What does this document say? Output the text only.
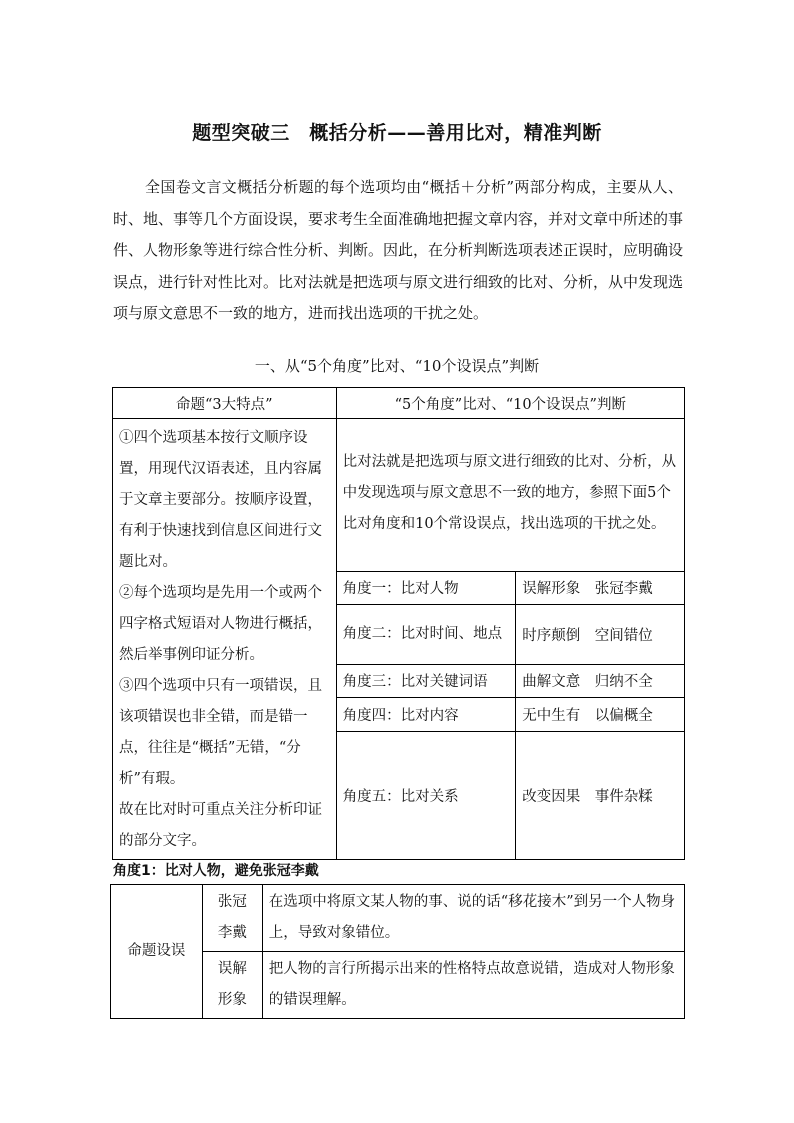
题型突破三　概括分析——善用比对，精准判断
全国卷文言文概括分析题的每个选项均由“概括＋分析”两部分构成，主要从人、时、地、事等几个方面设误，要求考生全面准确地把握文章内容，并对文章中所述的事件、人物形象等进行综合性分析、判断。因此，在分析判断选项表述正误时，应明确设误点，进行针对性比对。比对法就是把选项与原文进行细致的比对、分析，从中发现选项与原文意思不一致的地方，进而找出选项的干扰之处。
一、从“5个角度”比对、“10个设误点”判断
命题“3大特点”	“5个角度”比对、“10个设误点”判断	

①四个选项基本按行文顺序设置，用现代汉语表述，且内容属于文章主要部分。按顺序设置，有利于快速找到信息区间进行文题比对。

②每个选项均是先用一个或两个四字格式短语对人物进行概括，然后举事例印证分析。

③四个选项中只有一项错误，且该项错误也非全错，而是错一点，往往是“概括”无错，“分析”有瑕。

故在比对时可重点关注分析印证的部分文字。	比对法就是把选项与原文进行细致的比对、分析，从中发现选项与原文意思不一致的地方，参照下面5个比对角度和10个常设误点，找出选项的干扰之处。	
	角度一：比对人物	误解形象　张冠李戴
	角度二：比对时间、地点	时序颠倒　空间错位
	角度三：比对关键词语	曲解文意　归纳不全
	角度四：比对内容	无中生有　以偏概全
	角度五：比对关系	改变因果　事件杂糅
角度1：比对人物，避免张冠李戴
命题设误	张冠李戴	在选项中将原文某人物的事、说的话“移花接木”到另一个人物身上，导致对象错位。
	误解形象	把人物的言行所揭示出来的性格特点故意说错，造成对人物形象的错误理解。
